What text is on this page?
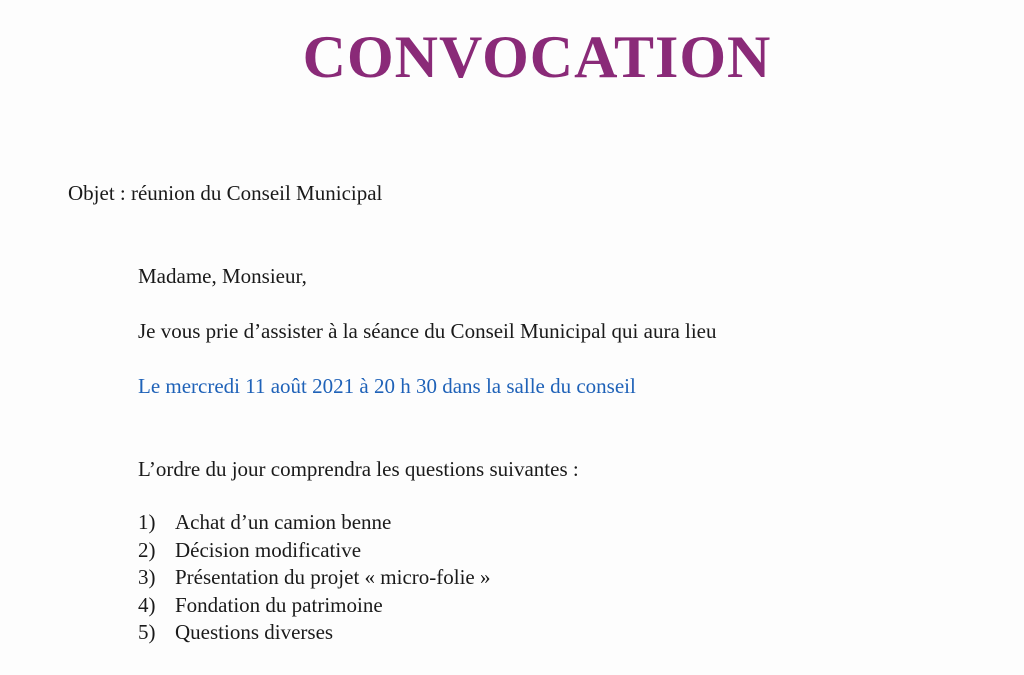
CONVOCATION

Objet : réunion du Conseil Municipal

Madame, Monsieur,

Je vous prie d’assister à la séance du Conseil Municipal qui aura lieu

Le mercredi 11 août 2021 à 20 h 30 dans la salle du conseil

L’ordre du jour comprendra les questions suivantes :

1) Achat d’un camion benne
2) Décision modificative
3) Présentation du projet « micro-folie »
4) Fondation du patrimoine
5) Questions diverses
